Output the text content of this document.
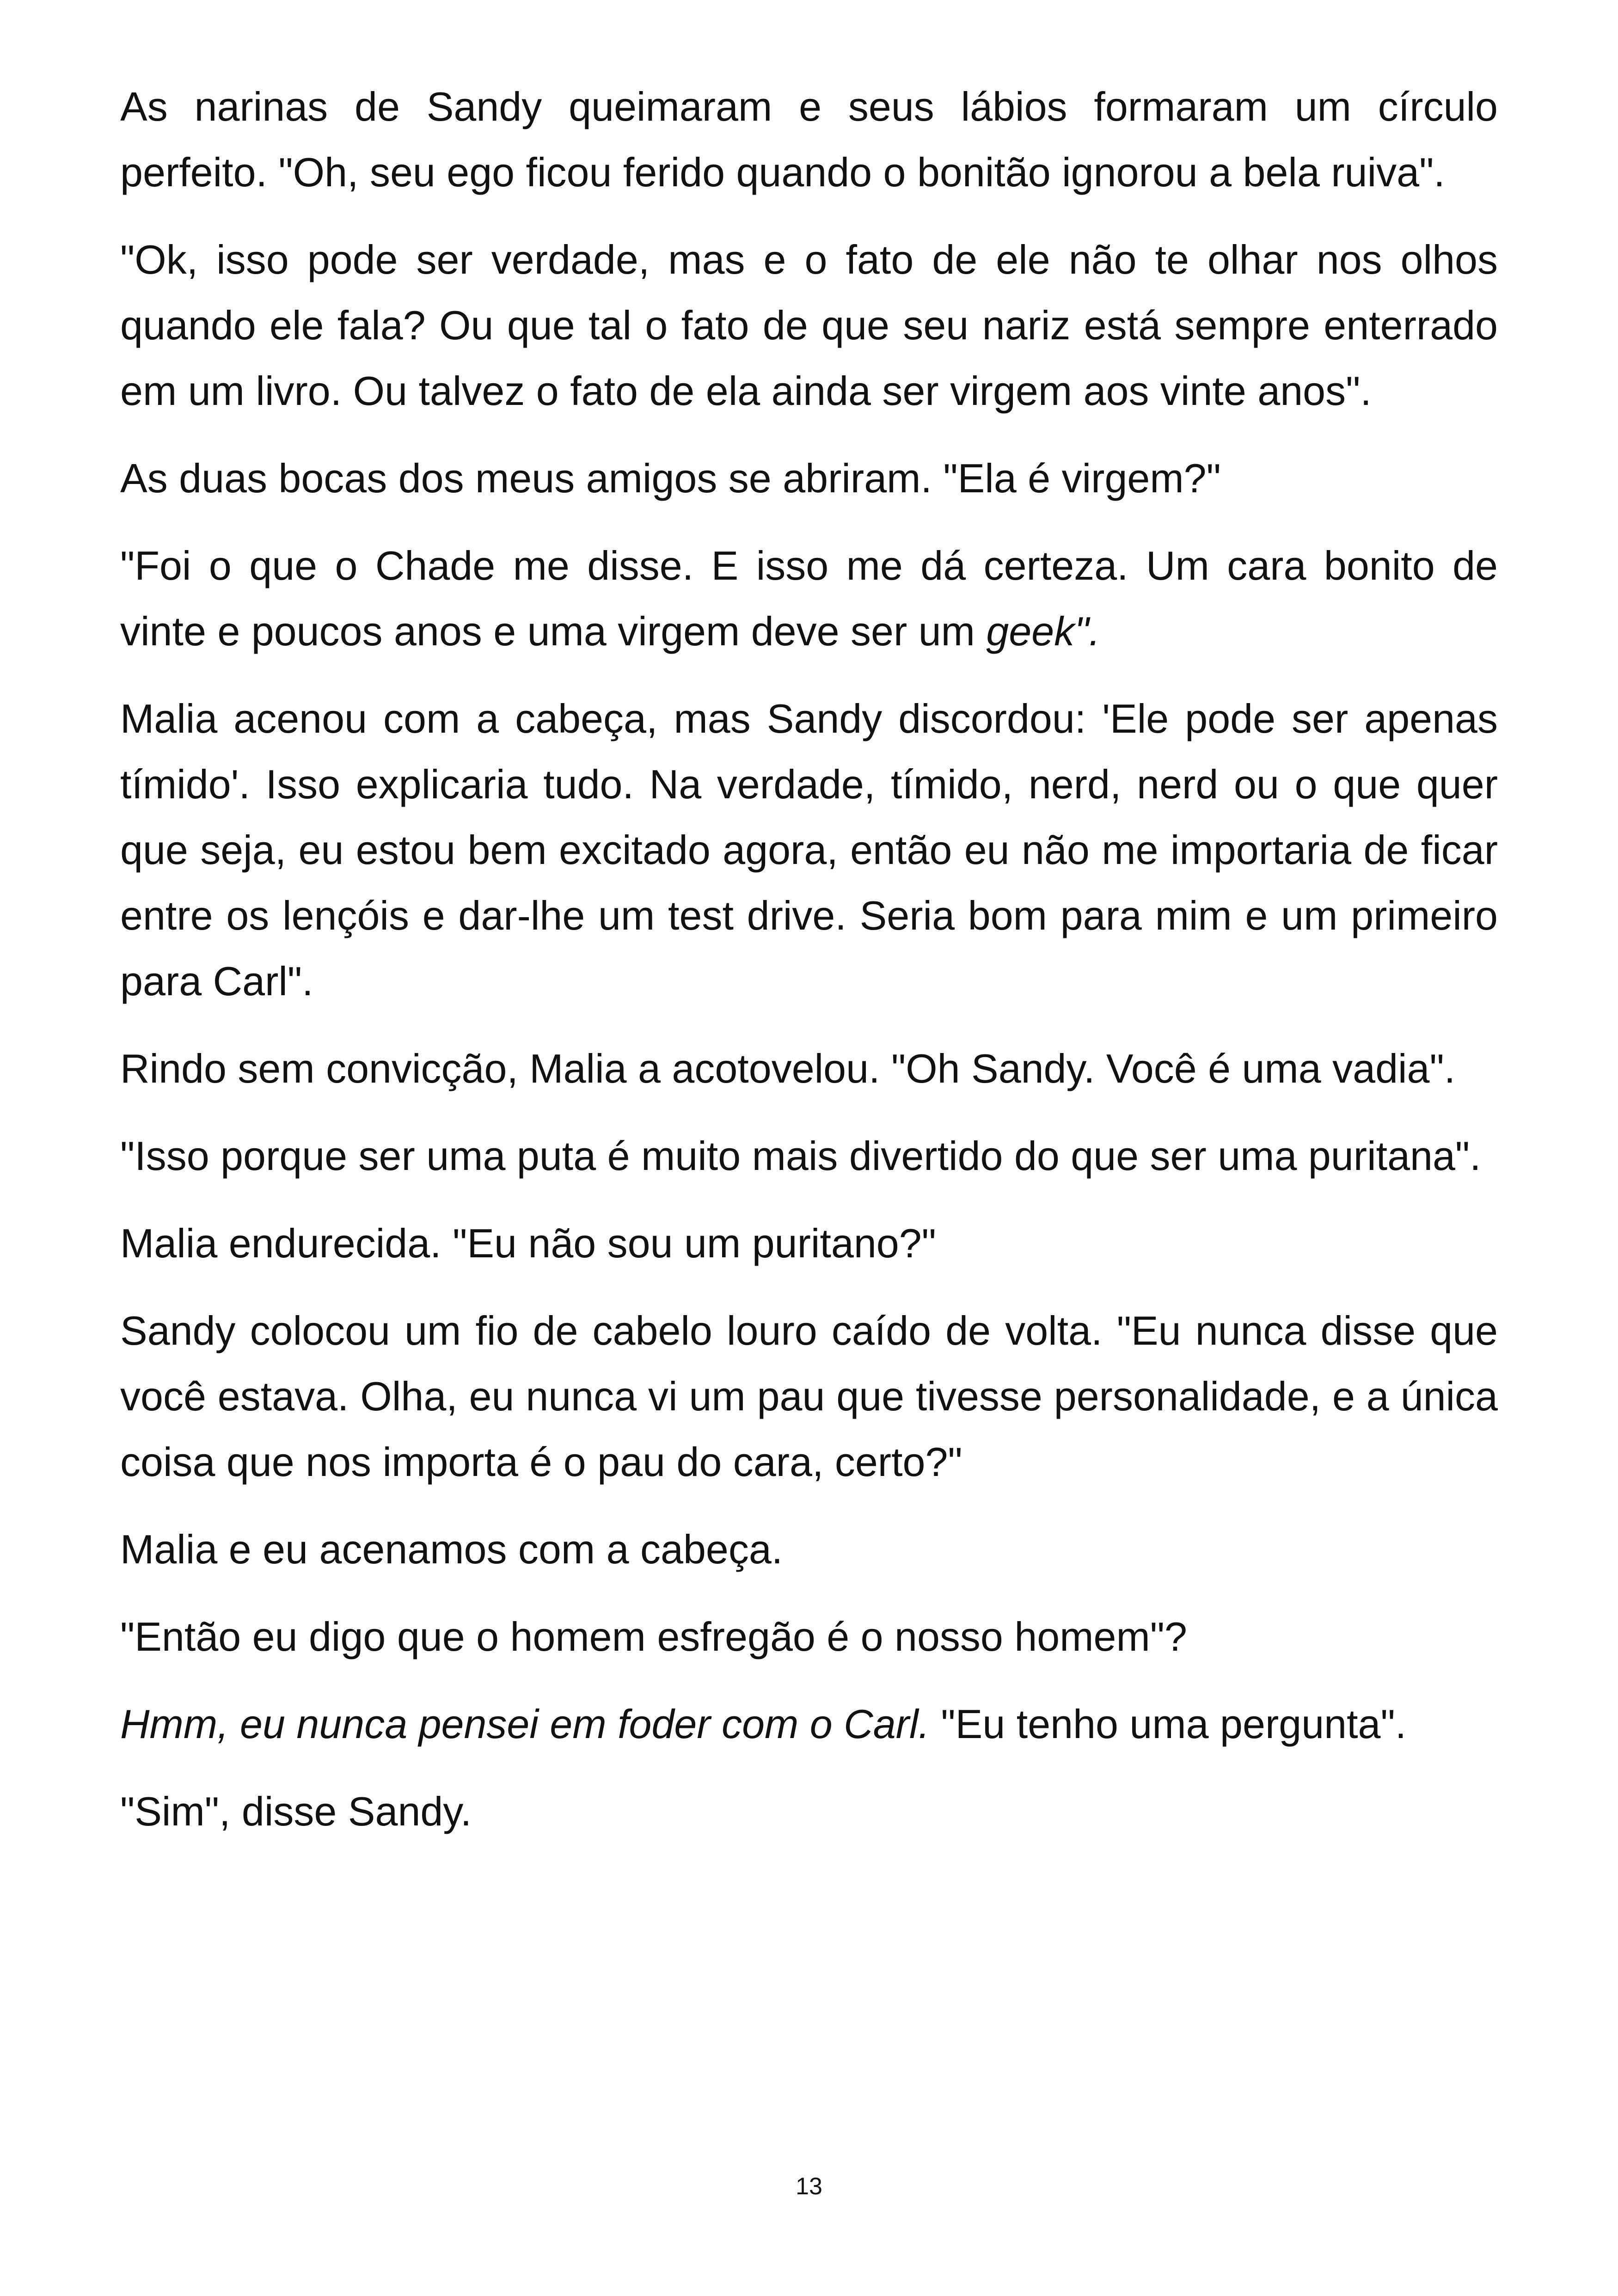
As narinas de Sandy queimaram e seus lábios formaram um círculo perfeito. "Oh, seu ego ficou ferido quando o bonitão ignorou a bela ruiva".

"Ok, isso pode ser verdade, mas e o fato de ele não te olhar nos olhos quando ele fala? Ou que tal o fato de que seu nariz está sempre enterrado em um livro. Ou talvez o fato de ela ainda ser virgem aos vinte anos".

As duas bocas dos meus amigos se abriram. "Ela é virgem?"

"Foi o que o Chade me disse. E isso me dá certeza. Um cara bonito de vinte e poucos anos e uma virgem deve ser um geek".

Malia acenou com a cabeça, mas Sandy discordou: 'Ele pode ser apenas tímido'. Isso explicaria tudo. Na verdade, tímido, nerd, nerd ou o que quer que seja, eu estou bem excitado agora, então eu não me importaria de ficar entre os lençóis e dar-lhe um test drive. Seria bom para mim e um primeiro para Carl".

Rindo sem convicção, Malia a acotovelou. "Oh Sandy. Você é uma vadia".

"Isso porque ser uma puta é muito mais divertido do que ser uma puritana".

Malia endurecida. "Eu não sou um puritano?"

Sandy colocou um fio de cabelo louro caído de volta. "Eu nunca disse que você estava. Olha, eu nunca vi um pau que tivesse personalidade, e a única coisa que nos importa é o pau do cara, certo?"

Malia e eu acenamos com a cabeça.

"Então eu digo que o homem esfregão é o nosso homem"?

Hmm, eu nunca pensei em foder com o Carl. "Eu tenho uma pergunta".

"Sim", disse Sandy.

13
